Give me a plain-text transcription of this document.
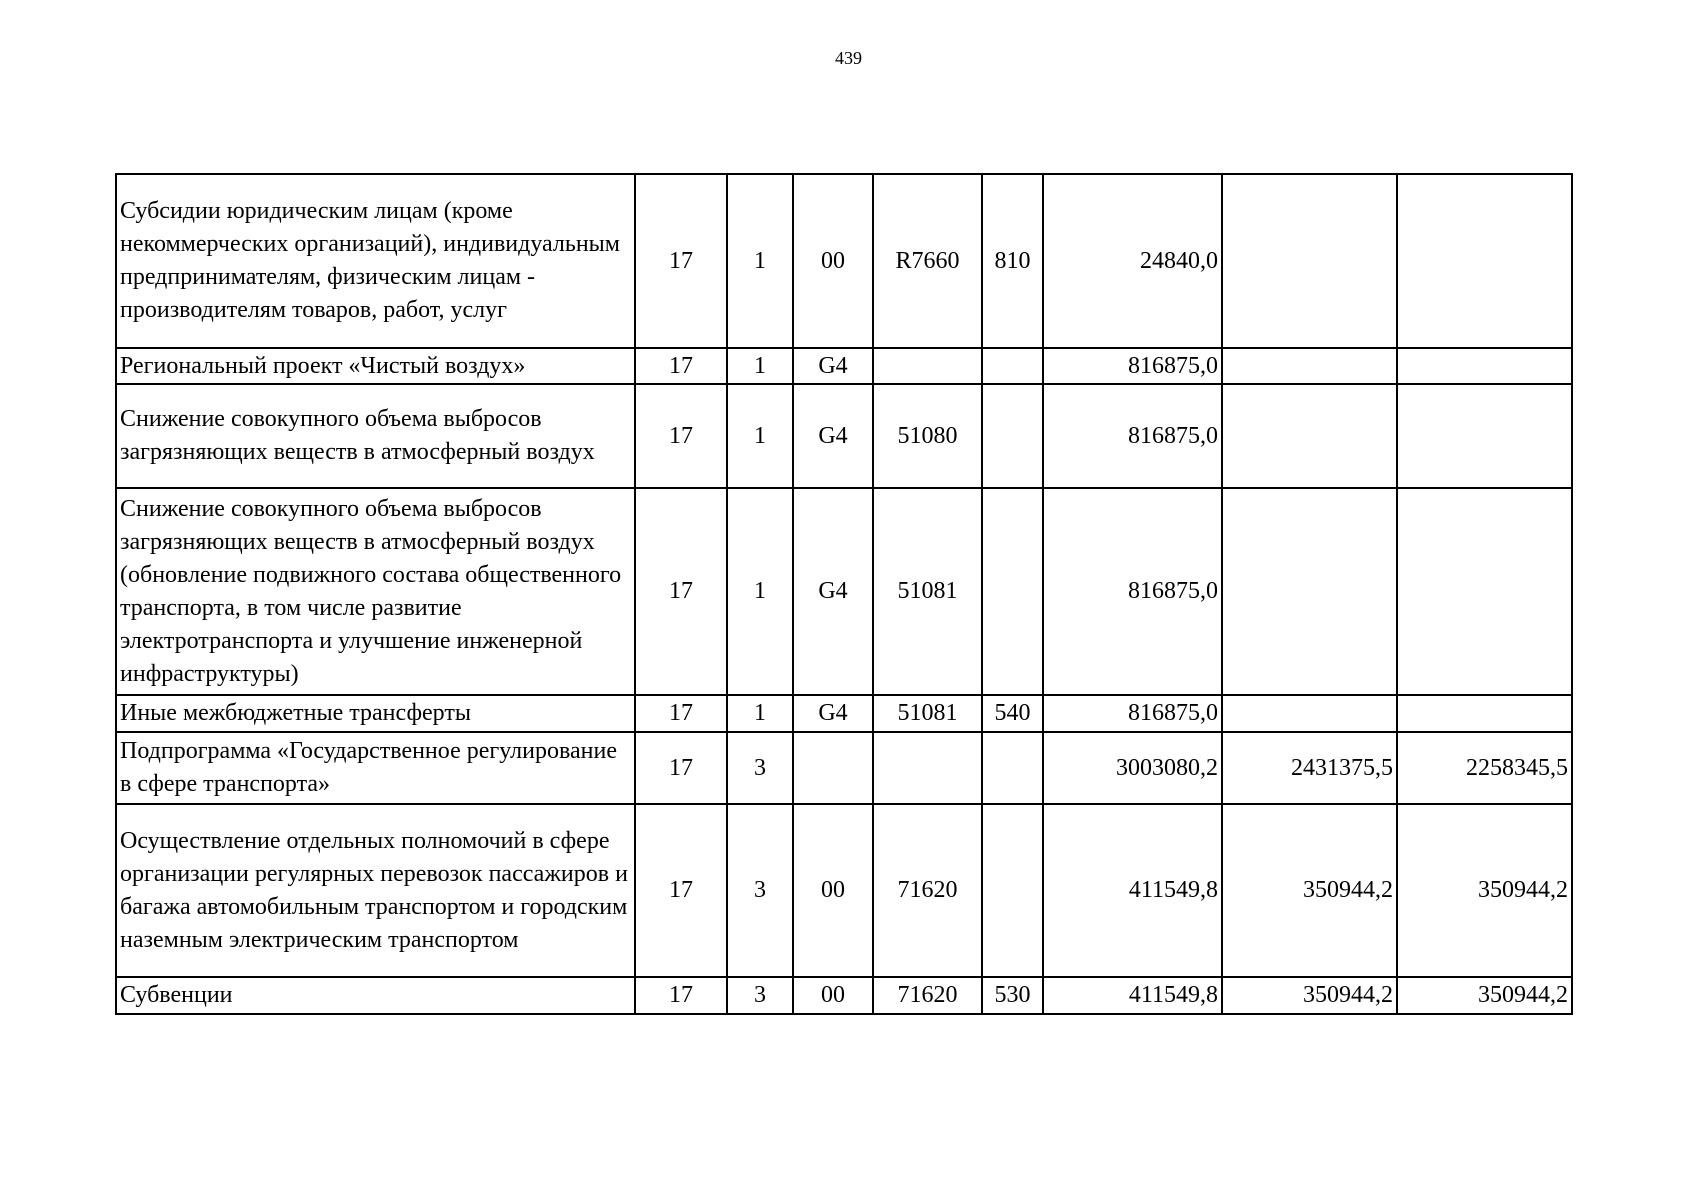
439
Субсидии юридическим лицам (кроме некоммерческих организаций), индивидуальным предпринимателям, физическим лицам - производителям товаров, работ, услуг	17	1	00	R7660	810	24840,0		
Региональный проект «Чистый воздух»	17	1	G4			816875,0		
Снижение совокупного объема выбросов загрязняющих веществ в атмосферный воздух	17	1	G4	51080		816875,0		
Снижение совокупного объема выбросов загрязняющих веществ в атмосферный воздух (обновление подвижного состава общественного транспорта, в том числе развитие электротранспорта и улучшение инженерной инфраструктуры)	17	1	G4	51081		816875,0		
Иные межбюджетные трансферты	17	1	G4	51081	540	816875,0		
Подпрограмма «Государственное регулирование в сфере транспорта»	17	3				3003080,2	2431375,5	2258345,5
Осуществление отдельных полномочий в сфере организации регулярных перевозок пассажиров и багажа автомобильным транспортом и городским наземным электрическим транспортом	17	3	00	71620		411549,8	350944,2	350944,2
Субвенции	17	3	00	71620	530	411549,8	350944,2	350944,2
